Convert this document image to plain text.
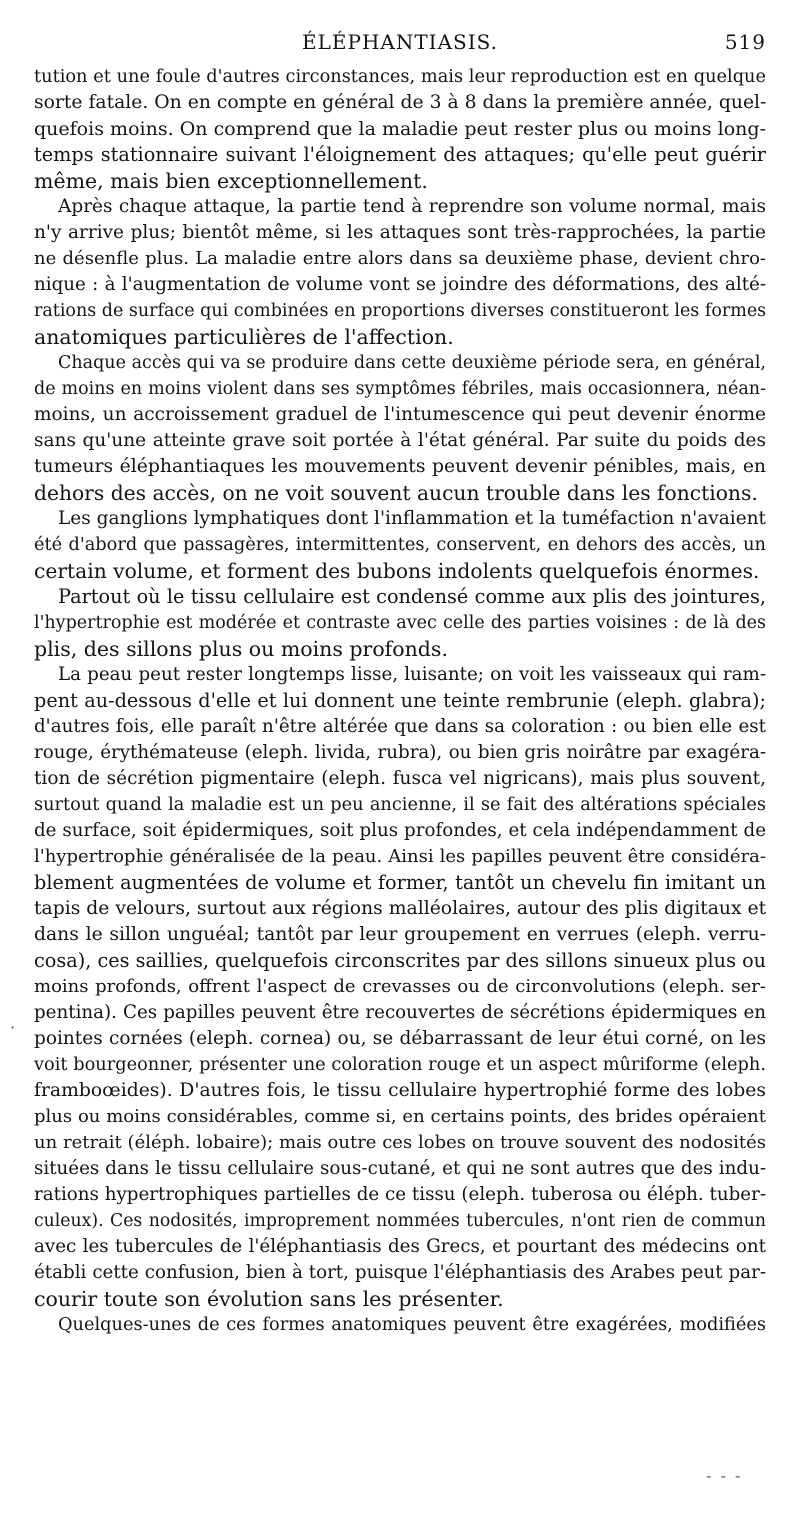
ÉLÉPHANTIASIS.	519
tution et une foule d'autres circonstances, mais leur reproduction est en quelque
sorte fatale. On en compte en général de 3 à 8 dans la première année, quel-
quefois moins. On comprend que la maladie peut rester plus ou moins long-
temps stationnaire suivant l'éloignement des attaques; qu'elle peut guérir
même, mais bien exceptionnellement.
Après chaque attaque, la partie tend à reprendre son volume normal, mais
n'y arrive plus; bientôt même, si les attaques sont très-rapprochées, la partie
ne désenfle plus. La maladie entre alors dans sa deuxième phase, devient chro-
nique : à l'augmentation de volume vont se joindre des déformations, des alté-
rations de surface qui combinées en proportions diverses constitueront les formes
anatomiques particulières de l'affection.
Chaque accès qui va se produire dans cette deuxième période sera, en général,
de moins en moins violent dans ses symptômes fébriles, mais occasionnera, néan-
moins, un accroissement graduel de l'intumescence qui peut devenir énorme
sans qu'une atteinte grave soit portée à l'état général. Par suite du poids des
tumeurs éléphantiaques les mouvements peuvent devenir pénibles, mais, en
dehors des accès, on ne voit souvent aucun trouble dans les fonctions.
Les ganglions lymphatiques dont l'inflammation et la tuméfaction n'avaient
été d'abord que passagères, intermittentes, conservent, en dehors des accès, un
certain volume, et forment des bubons indolents quelquefois énormes.
Partout où le tissu cellulaire est condensé comme aux plis des jointures,
l'hypertrophie est modérée et contraste avec celle des parties voisines : de là des
plis, des sillons plus ou moins profonds.
La peau peut rester longtemps lisse, luisante; on voit les vaisseaux qui ram-
pent au-dessous d'elle et lui donnent une teinte rembrunie (eleph. glabra);
d'autres fois, elle paraît n'être altérée que dans sa coloration : ou bien elle est
rouge, érythémateuse (eleph. livida, rubra), ou bien gris noirâtre par exagéra-
tion de sécrétion pigmentaire (eleph. fusca vel nigricans), mais plus souvent,
surtout quand la maladie est un peu ancienne, il se fait des altérations spéciales
de surface, soit épidermiques, soit plus profondes, et cela indépendamment de
l'hypertrophie généralisée de la peau. Ainsi les papilles peuvent être considéra-
blement augmentées de volume et former, tantôt un chevelu fin imitant un
tapis de velours, surtout aux régions malléolaires, autour des plis digitaux et
dans le sillon unguéal; tantôt par leur groupement en verrues (eleph. verru-
cosa), ces saillies, quelquefois circonscrites par des sillons sinueux plus ou
moins profonds, offrent l'aspect de crevasses ou de circonvolutions (eleph. ser-
pentina). Ces papilles peuvent être recouvertes de sécrétions épidermiques en
pointes cornées (eleph. cornea) ou, se débarrassant de leur étui corné, on les
voit bourgeonner, présenter une coloration rouge et un aspect mûriforme (eleph.
framboœides). D'autres fois, le tissu cellulaire hypertrophié forme des lobes
plus ou moins considérables, comme si, en certains points, des brides opéraient
un retrait (éléph. lobaire); mais outre ces lobes on trouve souvent des nodosités
situées dans le tissu cellulaire sous-cutané, et qui ne sont autres que des indu-
rations hypertrophiques partielles de ce tissu (eleph. tuberosa ou éléph. tuber-
culeux). Ces nodosités, improprement nommées tubercules, n'ont rien de commun
avec les tubercules de l'éléphantiasis des Grecs, et pourtant des médecins ont
établi cette confusion, bien à tort, puisque l'éléphantiasis des Arabes peut par-
courir toute son évolution sans les présenter.
Quelques-unes de ces formes anatomiques peuvent être exagérées, modifiées
·
‐ ‐ ‐
